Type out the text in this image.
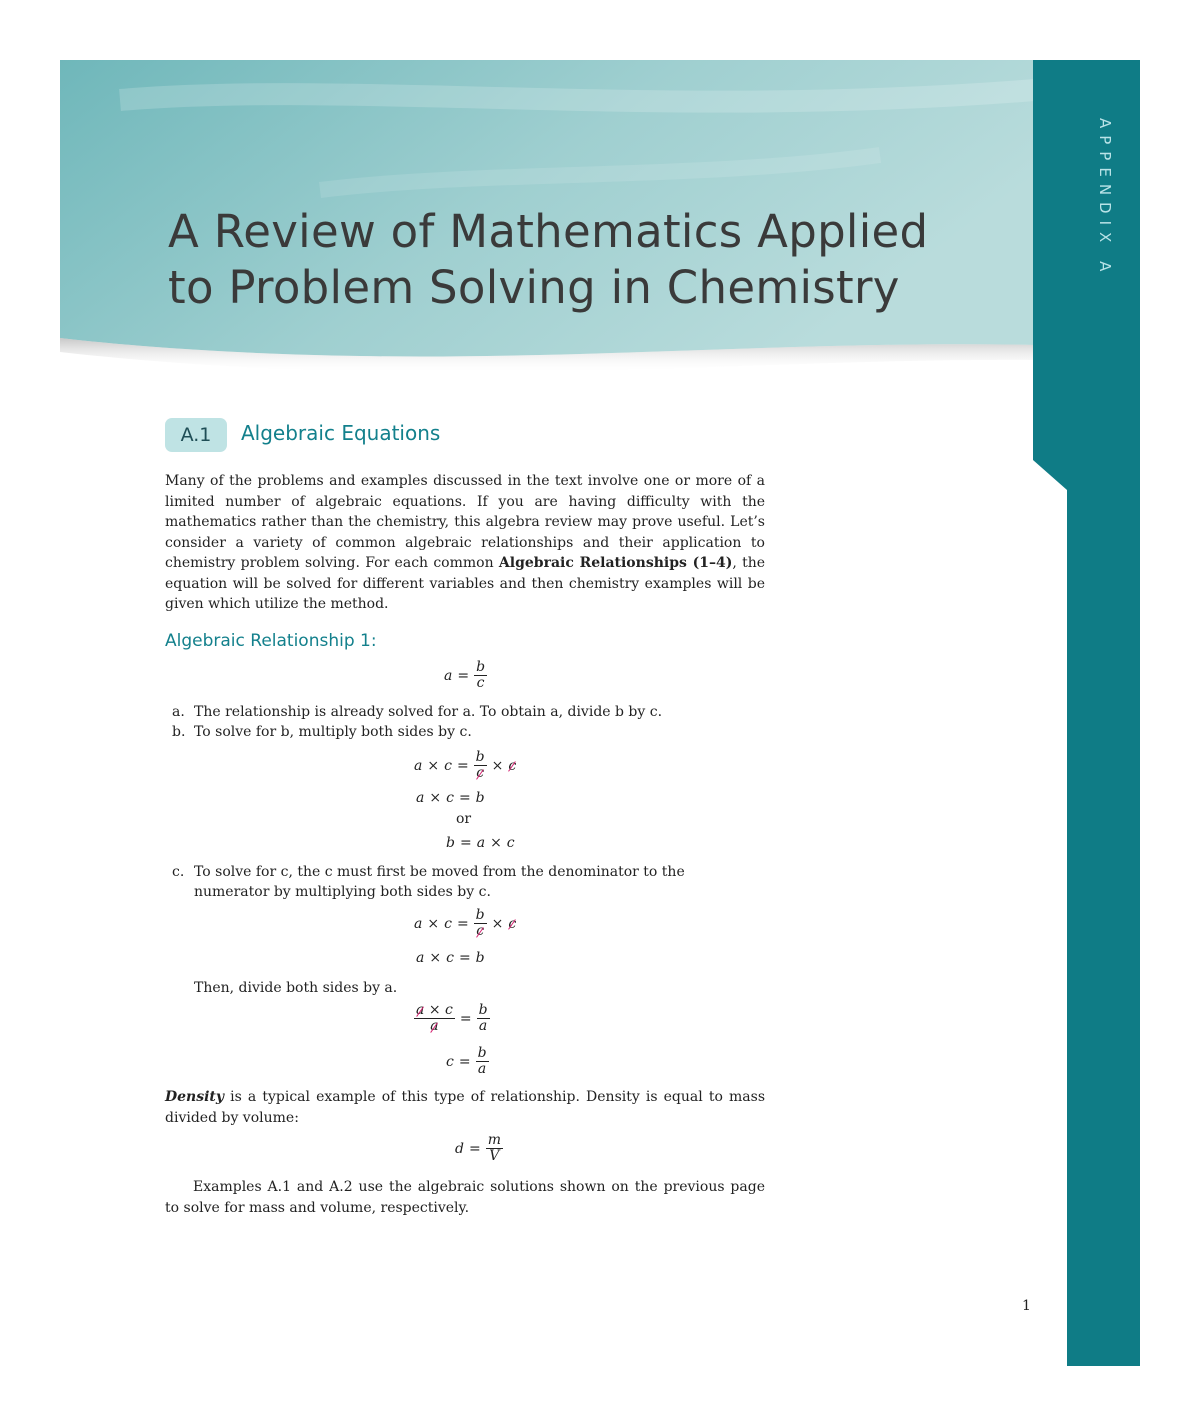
A Review of Mathematics Applied
to Problem Solving in Chemistry
APPENDIX A
A.1	Algebraic Equations

Many of the problems and examples discussed in the text involve one or more of a limited number of algebraic equations. If you are having difficulty with the mathematics rather than the chemistry, this algebra review may prove useful. Let’s consider a variety of common algebraic relationships and their application to chemistry problem solving. For each common Algebraic Relationships (1–4), the equation will be solved for different variables and then chemistry examples will be given which utilize the method.

Algebraic Relationship 1:
$a = \frac{b}{c}$
a. The relationship is already solved for a. To obtain a, divide b by c.
b. To solve for b, multiply both sides by c.
$a \times c = \frac{b}{c} \times c$
a × c = b
or
b = a × c
c. To solve for c, the c must first be moved from the denominator to the
numerator by multiplying both sides by c.
$a \times c = \frac{b}{c} \times c$
a × c = b
Then, divide both sides by a.
$\frac{a \times c}{a} = \frac{b}{a}$
$c = \frac{b}{a}$

Density is a typical example of this type of relationship. Density is equal to mass divided by volume:

$d = \frac{m}{V}$

Examples A.1 and A.2 use the algebraic solutions shown on the previous page to solve for mass and volume, respectively.

1
